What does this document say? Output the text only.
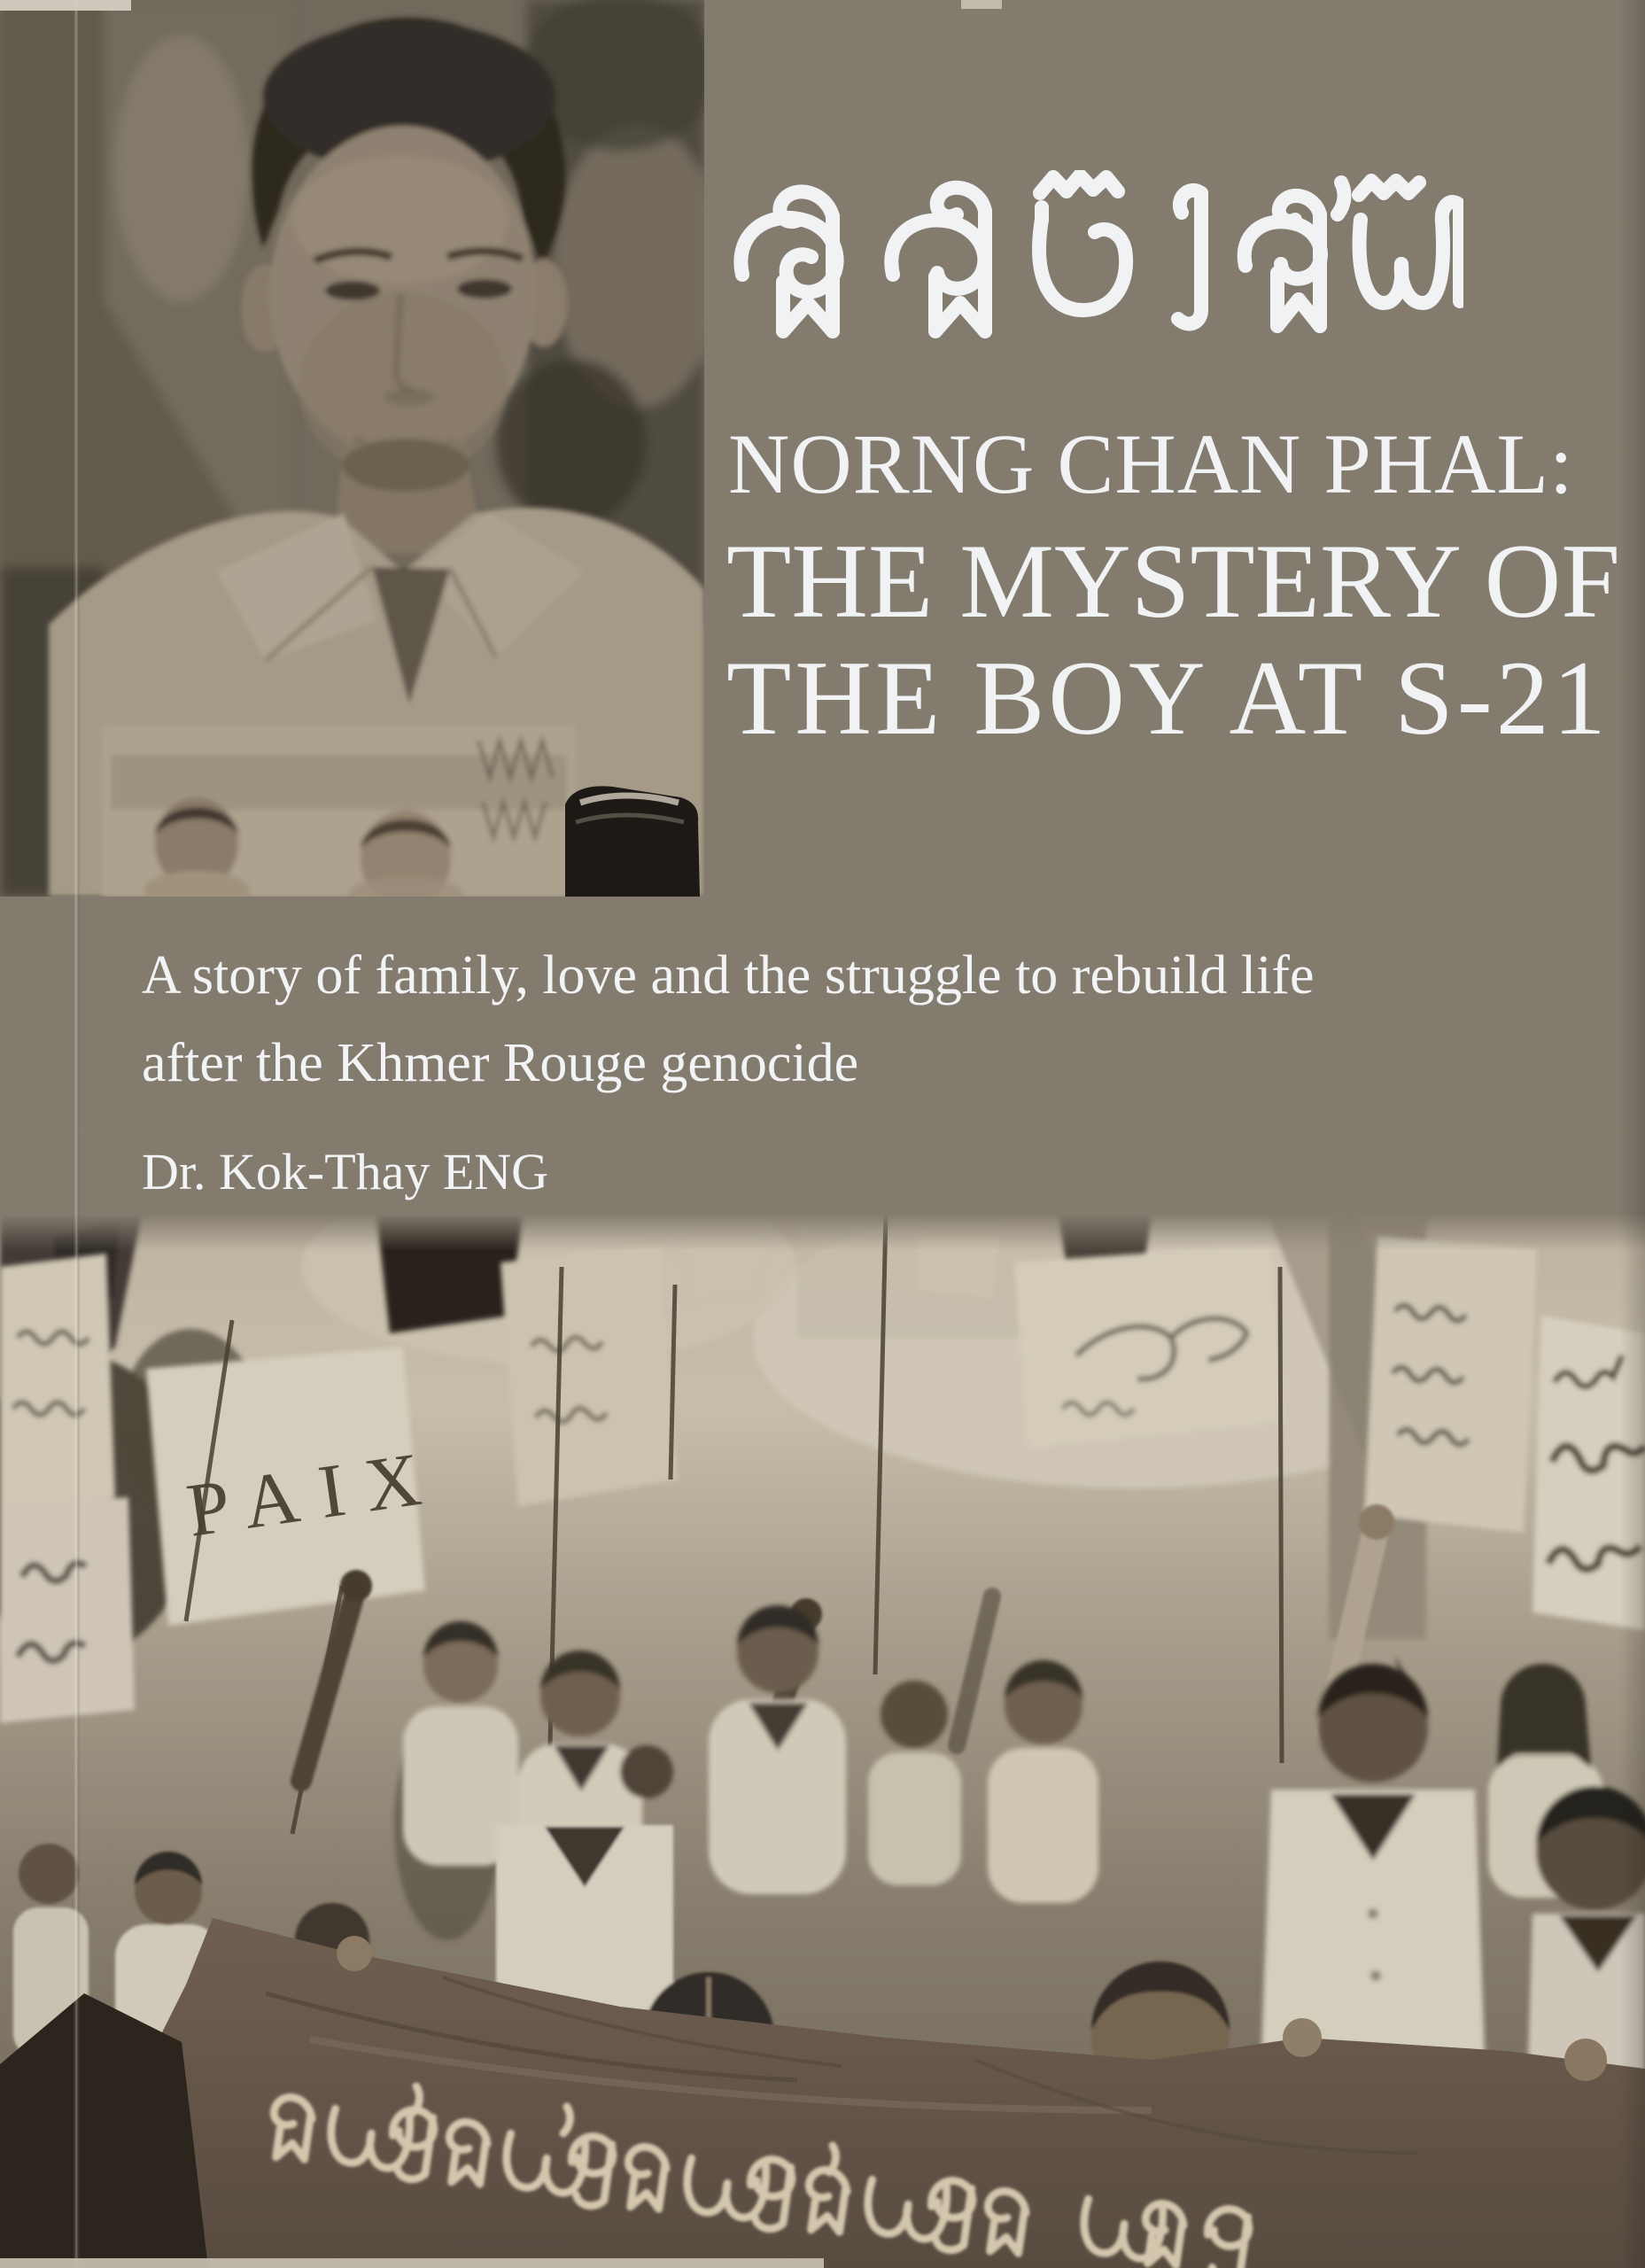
NORNG CHAN PHAL:
THE MYSTERY OF
THE BOY AT S-21
A story of family, love and the struggle to rebuild life
after the Khmer Rouge genocide
Dr. Kok-Thay ENG
PAIX
